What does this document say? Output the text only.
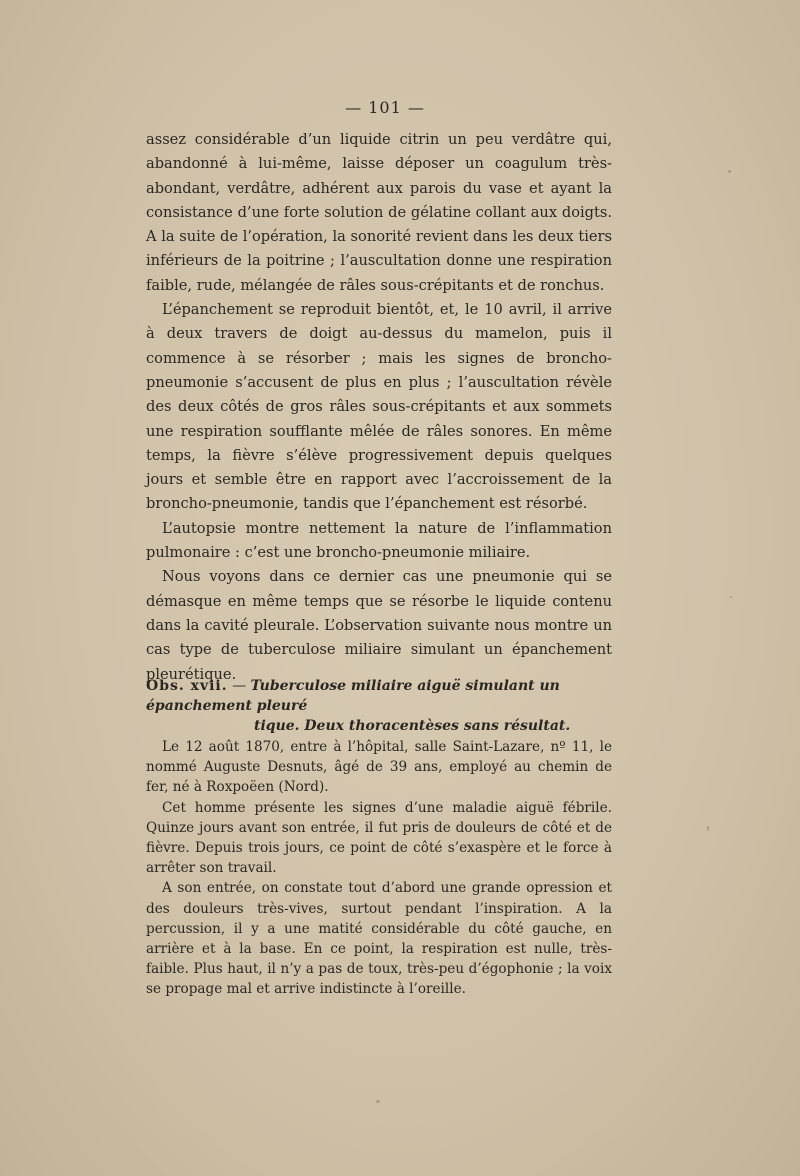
— 101 —

assez considérable d’un liquide citrin un peu verdâtre qui, abandonné à lui-même, laisse déposer un coagulum très-abondant, verdâtre, adhérent aux parois du vase et ayant la consistance d’une forte solution de gélatine collant aux doigts. A la suite de l’opération, la sonorité revient dans les deux tiers inférieurs de la poitrine ; l’auscultation donne une respiration faible, rude, mélangée de râles sous-crépitants et de ronchus.

L’épanchement se reproduit bientôt, et, le 10 avril, il arrive à deux travers de doigt au-dessus du mamelon, puis il commence à se résorber ; mais les signes de broncho-pneumonie s’accusent de plus en plus ; l’auscultation révèle des deux côtés de gros râles sous-crépitants et aux sommets une respiration soufflante mêlée de râles sonores. En même temps, la fièvre s’élève progressivement depuis quelques jours et semble être en rapport avec l’accroissement de la broncho-pneumonie, tandis que l’épanchement est résorbé.

L’autopsie montre nettement la nature de l’inflammation pulmonaire : c’est une broncho-pneumonie miliaire.

Nous voyons dans ce dernier cas une pneumonie qui se démasque en même temps que se résorbe le liquide contenu dans la cavité pleurale. L’observation suivante nous montre un cas type de tuberculose miliaire simulant un épanchement pleurétique.

Obs. xvii. — Tuberculose miliaire aiguë simulant un épanchement pleuré
tique. Deux thoracentèses sans résultat.

Le 12 août 1870, entre à l’hôpital, salle Saint-Lazare, nº 11, le nommé Auguste Desnuts, âgé de 39 ans, employé au chemin de fer, né à Roxpoëen (Nord).

Cet homme présente les signes d’une maladie aiguë fébrile. Quinze jours avant son entrée, il fut pris de douleurs de côté et de fièvre. Depuis trois jours, ce point de côté s’exaspère et le force à arrêter son travail.

A son entrée, on constate tout d’abord une grande opression et des douleurs très-vives, surtout pendant l’inspiration. A la percussion, il y a une matité considérable du côté gauche, en arrière et à la base. En ce point, la respiration est nulle, très-faible. Plus haut, il n’y a pas de toux, très-peu d’égophonie ; la voix se propage mal et arrive indistincte à l’oreille.
